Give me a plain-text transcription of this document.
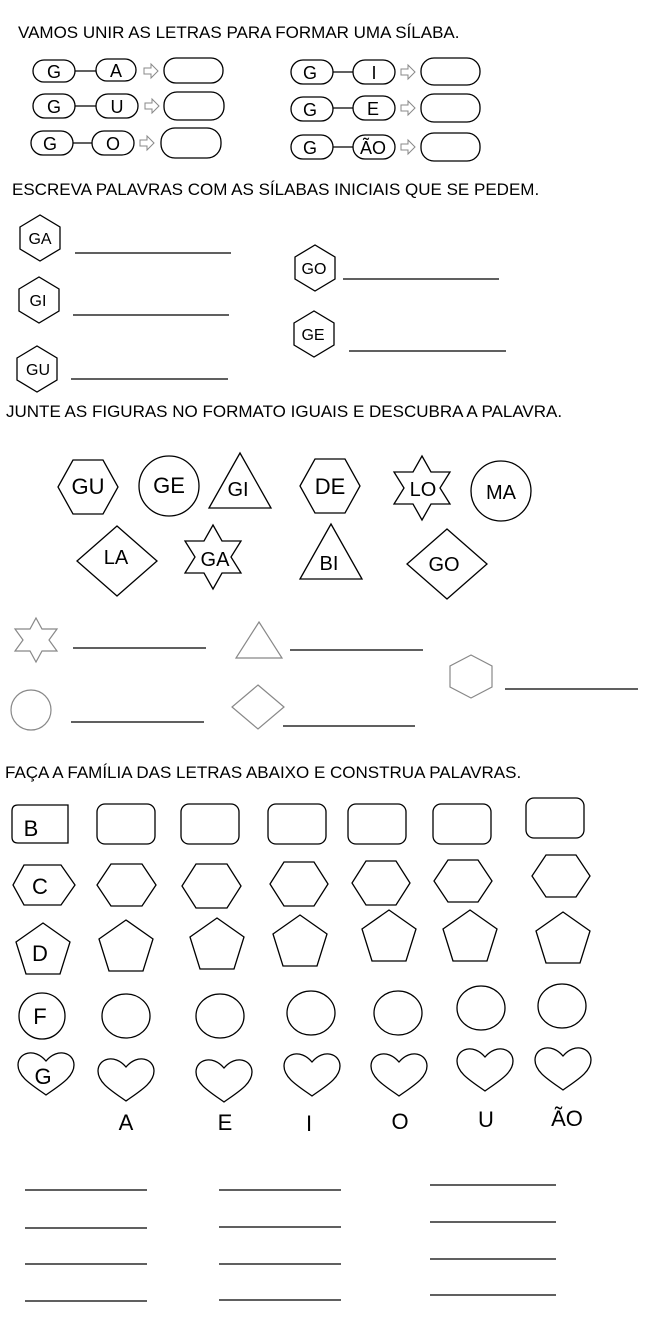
VAMOS UNIR AS LETRAS PARA FORMAR UMA SÍLABA.
G	A
G	U
G	O
G	I
G	E
G ÃO
ESCREVA PALAVRAS COM AS SÍLABAS INICIAIS QUE SE PEDEM.
GA
GI
GU
GO
GE
JUNTE AS FIGURAS NO FORMATO IGUAIS E DESCUBRA A PALAVRA.
GU GE GI	DE	LO MA
LA	GA	BI	GO
FAÇA A FAMÍLIA DAS LETRAS ABAIXO E CONSTRUA PALAVRAS.
B
C
D
F
G
A	E	I	O	U	ÃO
